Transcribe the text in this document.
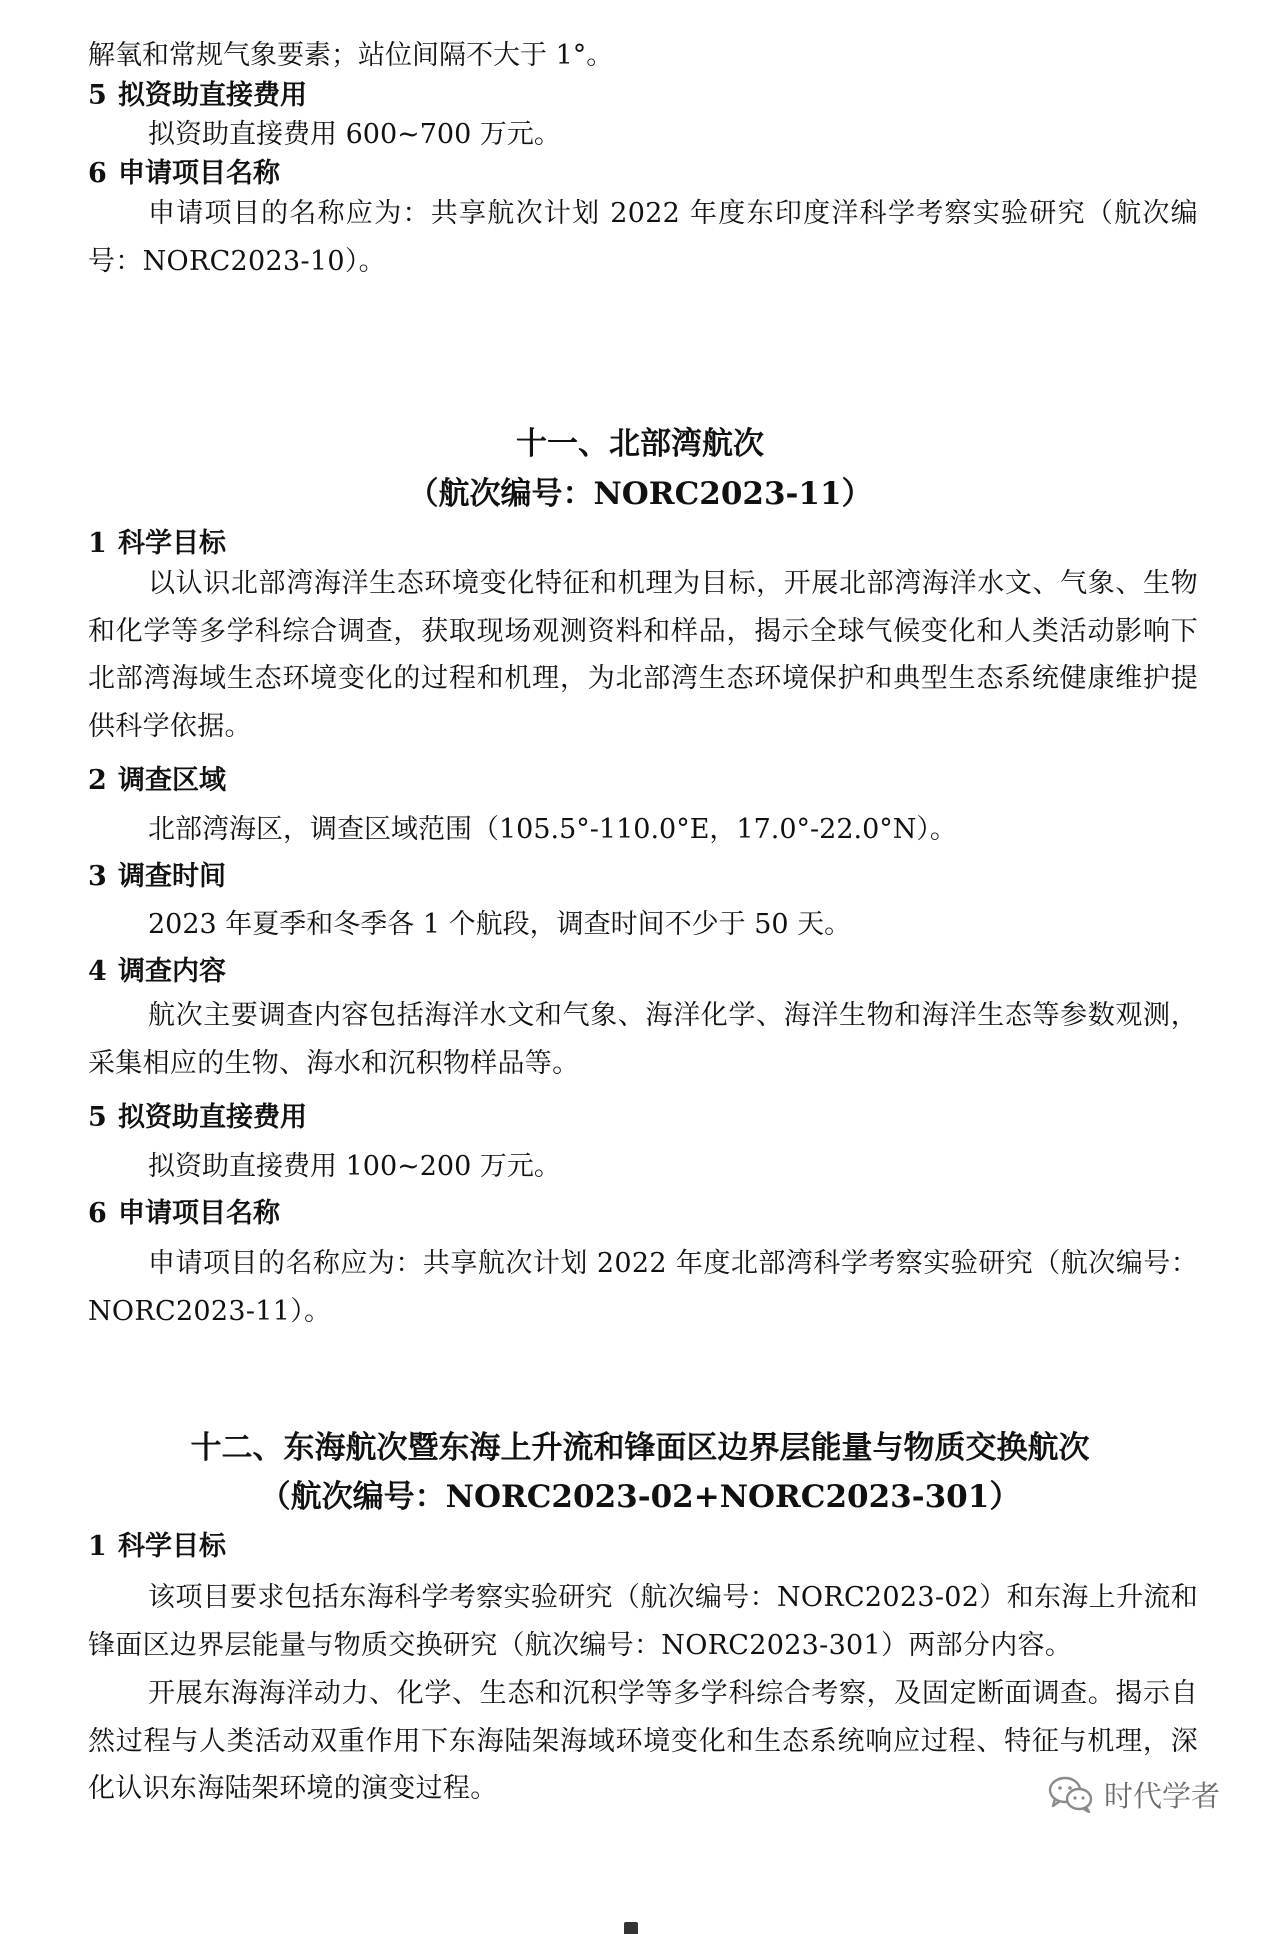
解氧和常规气象要素；站位间隔不大于 1°。
5 拟资助直接费用
拟资助直接费用 600~700 万元。
6 申请项目名称
申请项目的名称应为：共享航次计划 2022 年度东印度洋科学考察实验研究（航次编号：NORC2023-10）。
十一、北部湾航次
（航次编号：NORC2023-11）
1 科学目标
以认识北部湾海洋生态环境变化特征和机理为目标，开展北部湾海洋水文、气象、生物和化学等多学科综合调查，获取现场观测资料和样品，揭示全球气候变化和人类活动影响下北部湾海域生态环境变化的过程和机理，为北部湾生态环境保护和典型生态系统健康维护提供科学依据。
2 调查区域
北部湾海区，调查区域范围（105.5°-110.0°E，17.0°-22.0°N）。
3 调查时间
2023 年夏季和冬季各 1 个航段，调查时间不少于 50 天。
4 调查内容
航次主要调查内容包括海洋水文和气象、海洋化学、海洋生物和海洋生态等参数观测，采集相应的生物、海水和沉积物样品等。
5 拟资助直接费用
拟资助直接费用 100~200 万元。
6 申请项目名称
申请项目的名称应为：共享航次计划 2022 年度北部湾科学考察实验研究（航次编号：NORC2023-11）。
十二、东海航次暨东海上升流和锋面区边界层能量与物质交换航次
（航次编号：NORC2023-02+NORC2023-301）
1 科学目标
该项目要求包括东海科学考察实验研究（航次编号：NORC2023-02）和东海上升流和锋面区边界层能量与物质交换研究（航次编号：NORC2023-301）两部分内容。
开展东海海洋动力、化学、生态和沉积学等多学科综合考察，及固定断面调查。揭示自然过程与人类活动双重作用下东海陆架海域环境变化和生态系统响应过程、特征与机理，深化认识东海陆架环境的演变过程。	时代学者
